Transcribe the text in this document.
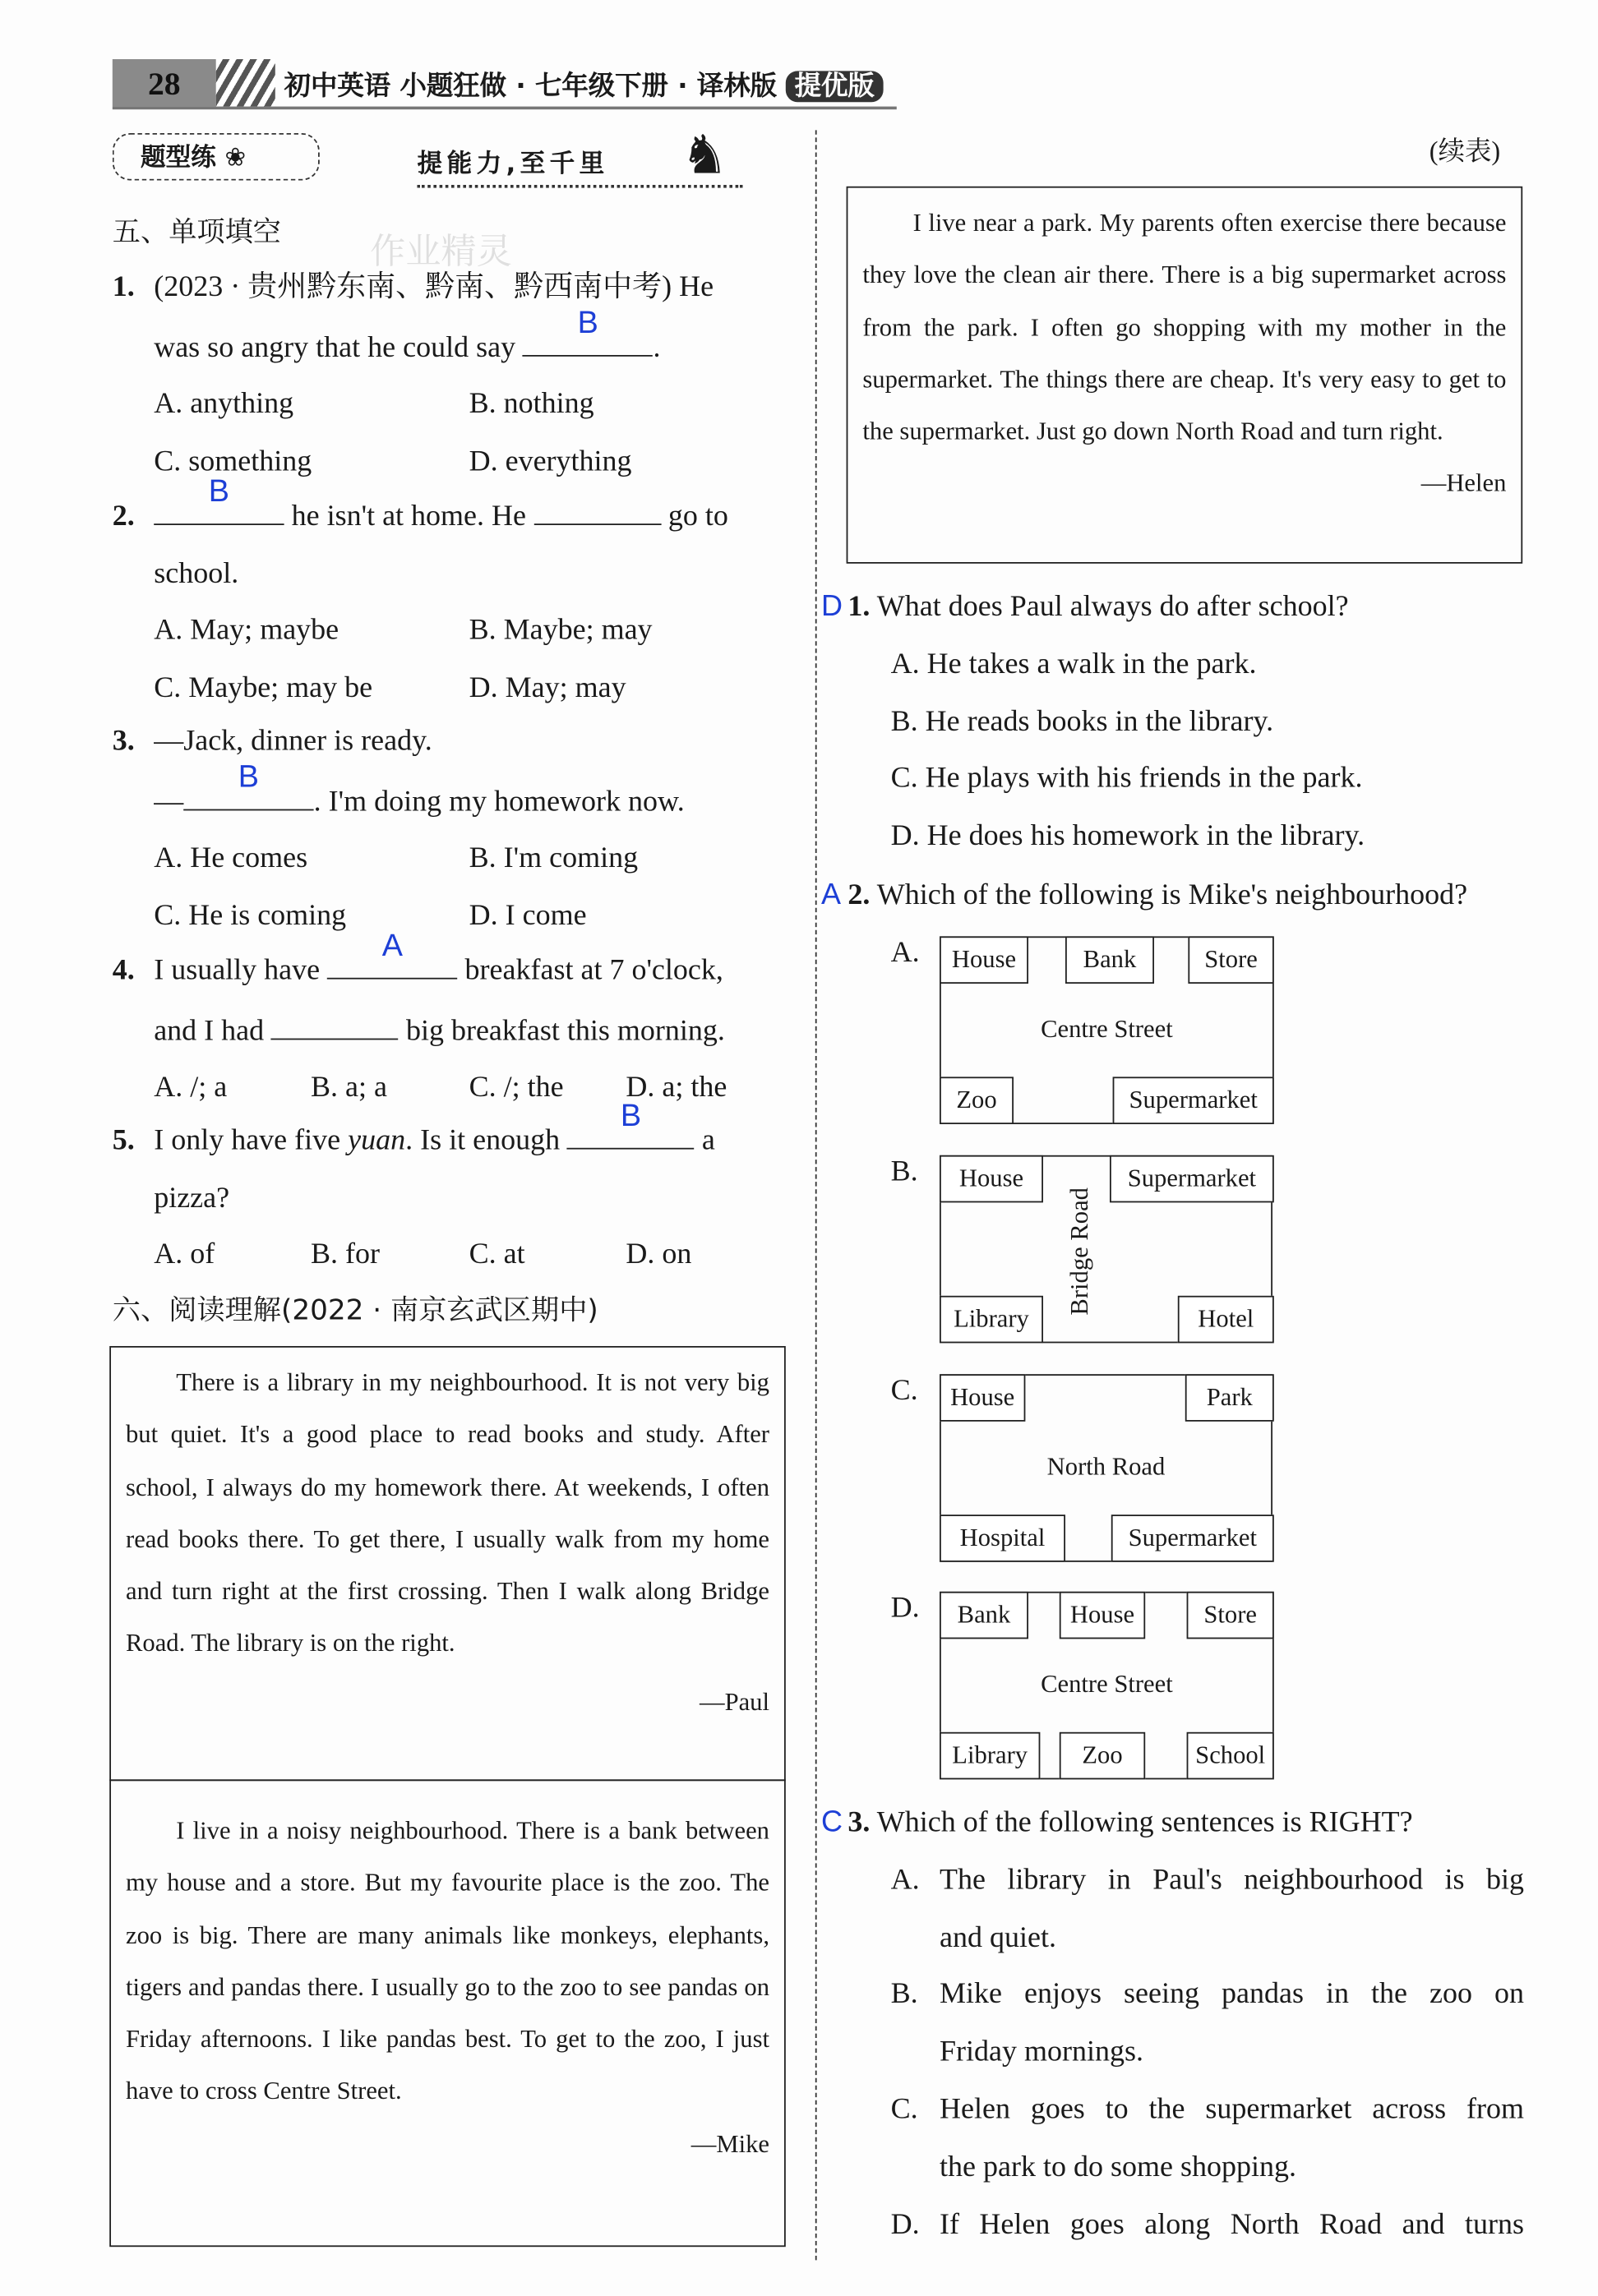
28	初中英语 小题狂做 · 七年级下册 · 译林版 提优版
题型练 ❀	提能力,至千里	♞
五、单项填空	作业精灵
1. (2023 · 贵州黔东南、黔南、黔西南中考) He
was so angry that he could say
B
.
A. anything	B. nothing
C. something	D. everything
2.
B
he isn't at home. He	go to
school.
A. May; maybe	B. Maybe; may
C. Maybe; may be	D. May; may
3. —Jack, dinner is ready.
—
B
. I'm doing my homework now.
A. He comes	B. I'm coming
C. He is coming	D. I come
4. I usually have
A
breakfast at 7 o'clock,
and I had	big breakfast this morning.
A. /; a	B. a; a	C. /; the	D. a; the
5. I only have five yuan. Is it enough
B
a
pizza?
A. of	B. for	C. at	D. on
六、阅读理解(2022 · 南京玄武区期中)

There is a library in my neighbourhood. It is not very big but quiet. It's a good place to read books and study. After school, I always do my homework there. At weekends, I often read books there. To get there, I usually walk from my home and turn right at the first crossing. Then I walk along Bridge Road. The library is on the right.

—Paul

I live in a noisy neighbourhood. There is a bank between my house and a store. But my favourite place is the zoo. The zoo is big. There are many animals like monkeys, elephants, tigers and pandas there. I usually go to the zoo to see pandas on Friday afternoons. I like pandas best. To get to the zoo, I just have to cross Centre Street.

—Mike
(续表)

I live near a park. My parents often exercise there because they love the clean air there. There is a big supermarket across from the park. I often go shopping with my mother in the supermarket. The things there are cheap. It's very easy to get to the supermarket. Just go down North Road and turn right.

—Helen
D 1. What does Paul always do after school?
A. He takes a walk in the park.
B. He reads books in the library.
C. He plays with his friends in the park.
D. He does his homework in the library.
A 2. Which of the following is Mike's neighbourhood?
A.	House	Bank	Store
Centre Street
Zoo	Supermarket
B.	House	Supermarket
Bridge Road
Library	Hotel
C.	House	Park
North Road
Hospital	Supermarket
D.	Bank	House	Store
Centre Street
Library	Zoo	School
C 3. Which of the following sentences is RIGHT?
A.	The library in Paul's neighbourhood is big
and quiet.
B.	Mike enjoys seeing pandas in the zoo on
Friday mornings.
C.	Helen goes to the supermarket across from
the park to do some shopping.
D.	If Helen goes along North Road and turns
